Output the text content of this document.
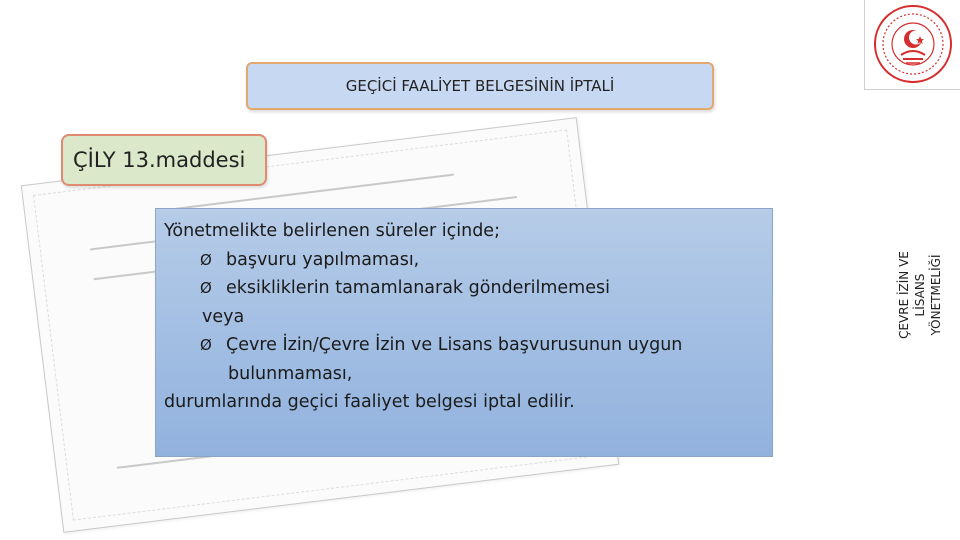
GEÇİCİ FAALİYET BELGESİNİN İPTALİ
ÇİLY 13.maddesi
Yönetmelikte belirlenen süreler içinde;
Ø başvuru yapılmaması,
Ø eksikliklerin tamamlanarak gönderilmemesi
veya
Ø Çevre İzin/Çevre İzin ve Lisans başvurusunun uygun
bulunmaması,
durumlarında geçici faaliyet belgesi iptal edilir.
ÇEVRE İZİN VE LİSANS YÖNETMELİĞİ
